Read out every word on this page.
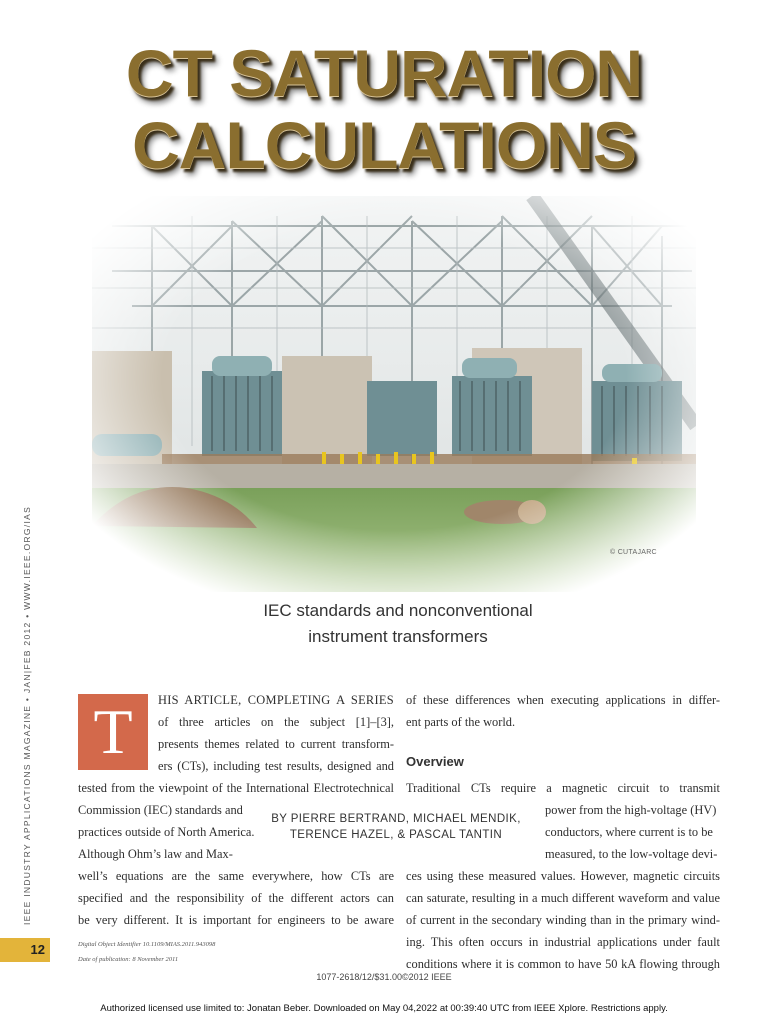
CT SATURATION
CALCULATIONS
© CUTAJARC
IEC standards and nonconventional
instrument transformers
IEEE INDUSTRY APPLICATIONS MAGAZINE • JAN|FEB 2012 • WWW.IEEE.ORG/IAS
12
T	HIS ARTICLE, COMPLETING A SERIES
of three articles on the subject [1]–[3],
presents themes related to current transform-
ers (CTs), including test results, designed and
tested from the viewpoint of the International Electrotechnical
Commission (IEC) standards and
practices outside of North America.
Although Ohm’s law and Max-
well’s equations are the same everywhere, how CTs are
specified and the responsibility of the different actors can
be very different. It is important for engineers to be aware
BY PIERRE BERTRAND, MICHAEL MENDIK,
TERENCE HAZEL, & PASCAL TANTIN
of these differences when executing applications in differ-
ent parts of the world.
Overview
Traditional CTs require a magnetic circuit to transmit
power from the high-voltage (HV)
conductors, where current is to be
measured, to the low-voltage devi-
ces using these measured values. However, magnetic circuits
can saturate, resulting in a much different waveform and value
of current in the secondary winding than in the primary wind-
ing. This often occurs in industrial applications under fault
conditions where it is common to have 50 kA flowing through
Digital Object Identifier 10.1109/MIAS.2011.943098
Date of publication: 8 November 2011
1077-2618/12/$31.00©2012 IEEE
Authorized licensed use limited to: Jonatan Beber. Downloaded on May 04,2022 at 00:39:40 UTC from IEEE Xplore. Restrictions apply.
